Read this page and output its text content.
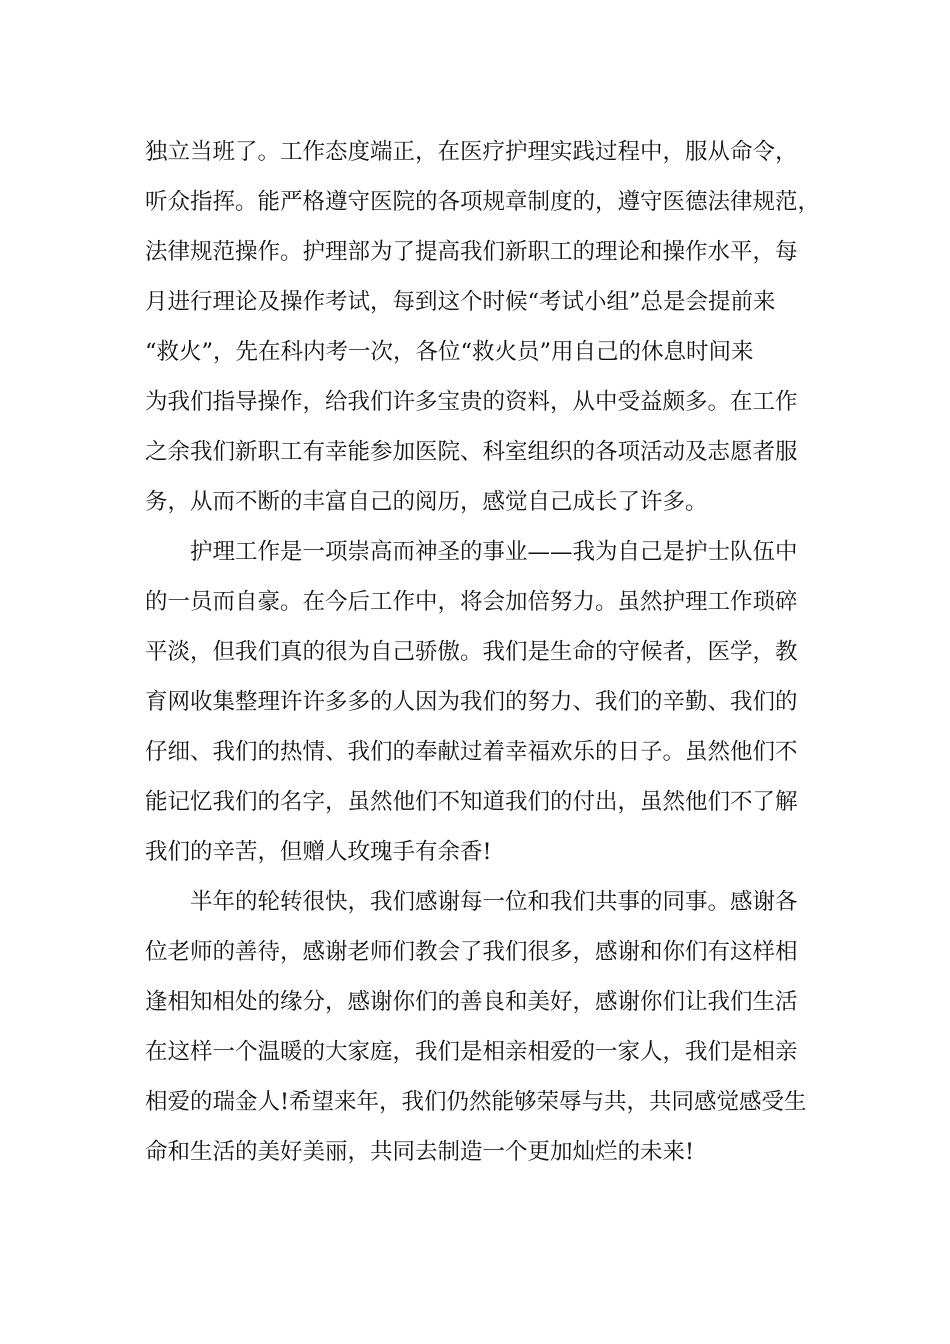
独立当班了。工作态度端正，在医疗护理实践过程中，服从命令，
听众指挥。能严格遵守医院的各项规章制度的，遵守医德法律规范，
法律规范操作。护理部为了提高我们新职工的理论和操作水平，每
月进行理论及操作考试，每到这个时候“考试小组”总是会提前来
“救火”，先在科内考一次，各位“救火员”用自己的休息时间来
为我们指导操作，给我们许多宝贵的资料，从中受益颇多。在工作
之余我们新职工有幸能参加医院、科室组织的各项活动及志愿者服
务，从而不断的丰富自己的阅历，感觉自己成长了许多。
护理工作是一项崇高而神圣的事业——我为自己是护士队伍中
的一员而自豪。在今后工作中，将会加倍努力。虽然护理工作琐碎
平淡，但我们真的很为自己骄傲。我们是生命的守候者，医学，教
育网收集整理许许多多的人因为我们的努力、我们的辛勤、我们的
仔细、我们的热情、我们的奉献过着幸福欢乐的日子。虽然他们不
能记忆我们的名字，虽然他们不知道我们的付出，虽然他们不了解
我们的辛苦，但赠人玫瑰手有余香!
半年的轮转很快，我们感谢每一位和我们共事的同事。感谢各
位老师的善待，感谢老师们教会了我们很多，感谢和你们有这样相
逢相知相处的缘分，感谢你们的善良和美好，感谢你们让我们生活
在这样一个温暖的大家庭，我们是相亲相爱的一家人，我们是相亲
相爱的瑞金人!希望来年，我们仍然能够荣辱与共，共同感觉感受生
命和生活的美好美丽，共同去制造一个更加灿烂的未来!
